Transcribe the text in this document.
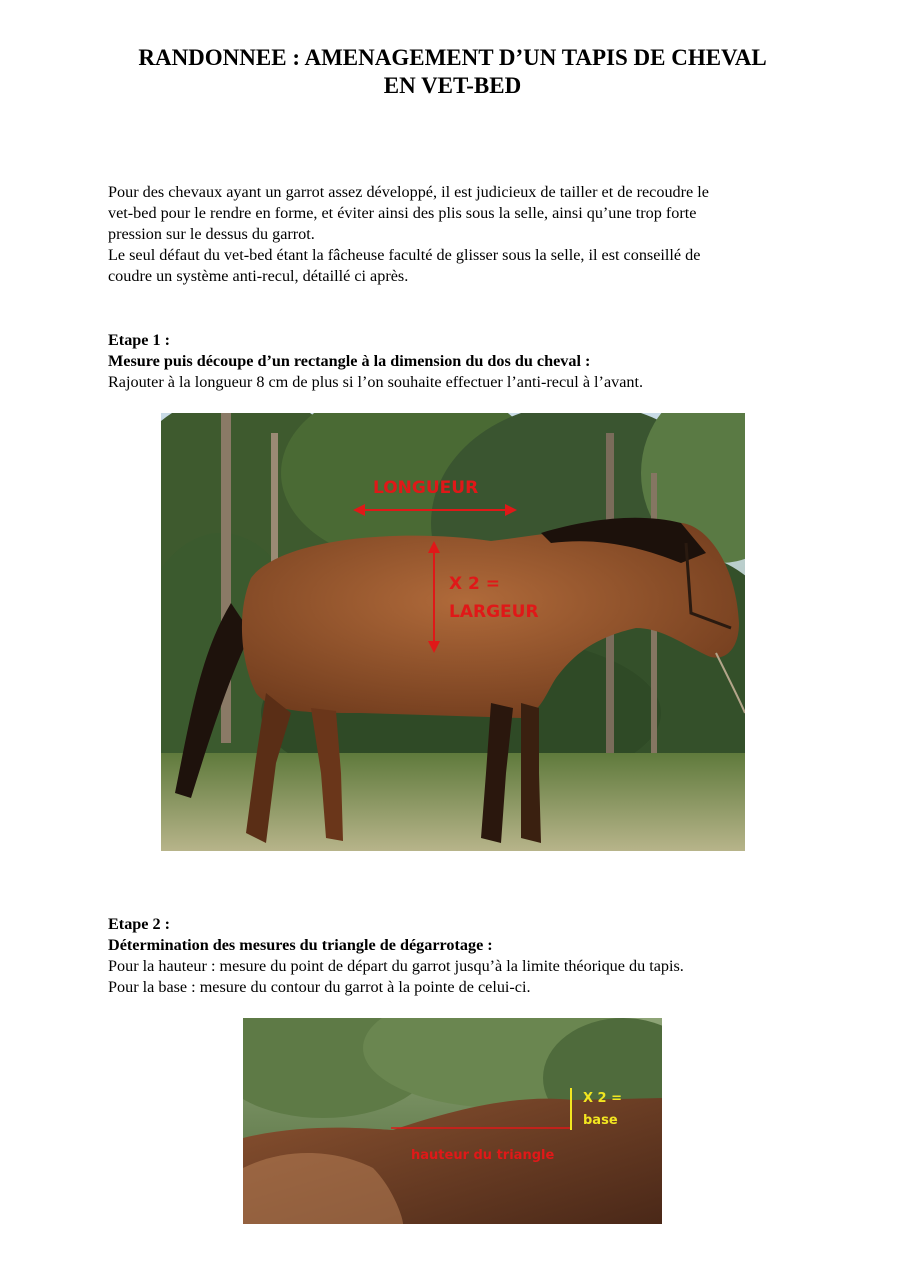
RANDONNEE : AMENAGEMENT D’UN TAPIS DE CHEVAL
EN VET-BED
Pour des chevaux ayant un garrot assez développé, il est judicieux de tailler et de recoudre le
vet-bed pour le rendre en forme, et éviter ainsi des plis sous la selle, ainsi qu’une trop forte
pression sur le dessus du garrot.
Le seul défaut du vet-bed étant la fâcheuse faculté de glisser sous la selle, il est conseillé de
coudre un système anti-recul, détaillé ci après.
Etape 1 :
Mesure puis découpe d’un rectangle à la dimension du dos du cheval :
Rajouter à la longueur 8 cm de plus si l’on souhaite effectuer l’anti-recul à l’avant.
LONGUEUR
X 2 =
LARGEUR
Etape 2 :
Détermination des mesures du triangle de dégarrotage :
Pour la hauteur : mesure du point de départ du garrot jusqu’à la limite théorique du tapis.
Pour la base : mesure du contour du garrot à la pointe de celui-ci.
X 2 =
base
hauteur du triangle
